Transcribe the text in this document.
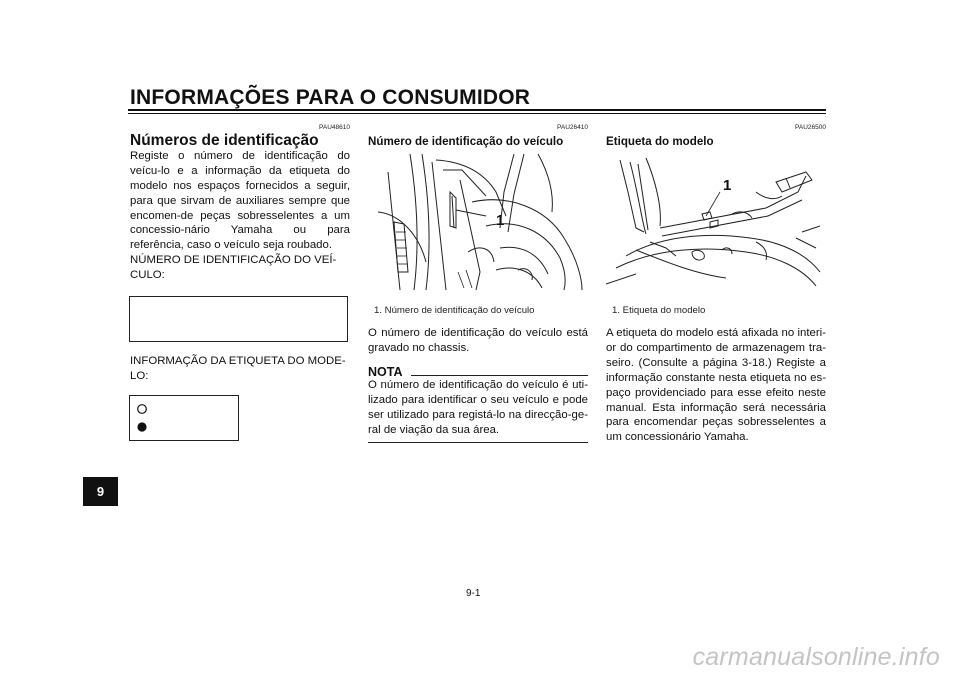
INFORMAÇÕES PARA O CONSUMIDOR
9
PAU48610
Números de identificação
Registe o número de identificação do veícu-lo e a informação da etiqueta do modelo nos espaços fornecidos a seguir, para que sirvam de auxiliares sempre que encomen-de peças sobresselentes a um concessio-nário Yamaha ou para referência, caso o veículo seja roubado.
NÚMERO DE IDENTIFICAÇÃO DO VEÍ-CULO:
INFORMAÇÃO DA ETIQUETA DO MODE-LO:
PAU26410
Número de identificação do veículo
1
1. Número de identificação do veículo
O número de identificação do veículo está gravado no chassis.
NOTA
O número de identificação do veículo é uti-lizado para identificar o seu veículo e pode ser utilizado para registá-lo na direcção-ge-ral de viação da sua área.
PAU26500
Etiqueta do modelo
1
1. Etiqueta do modelo
A etiqueta do modelo está afixada no interi-or do compartimento de armazenagem tra-seiro. (Consulte a página 3-18.) Registe a informação constante nesta etiqueta no es-paço providenciado para esse efeito neste manual. Esta informação será necessária para encomendar peças sobresselentes a um concessionário Yamaha.
9-1
carmanualsonline.info
